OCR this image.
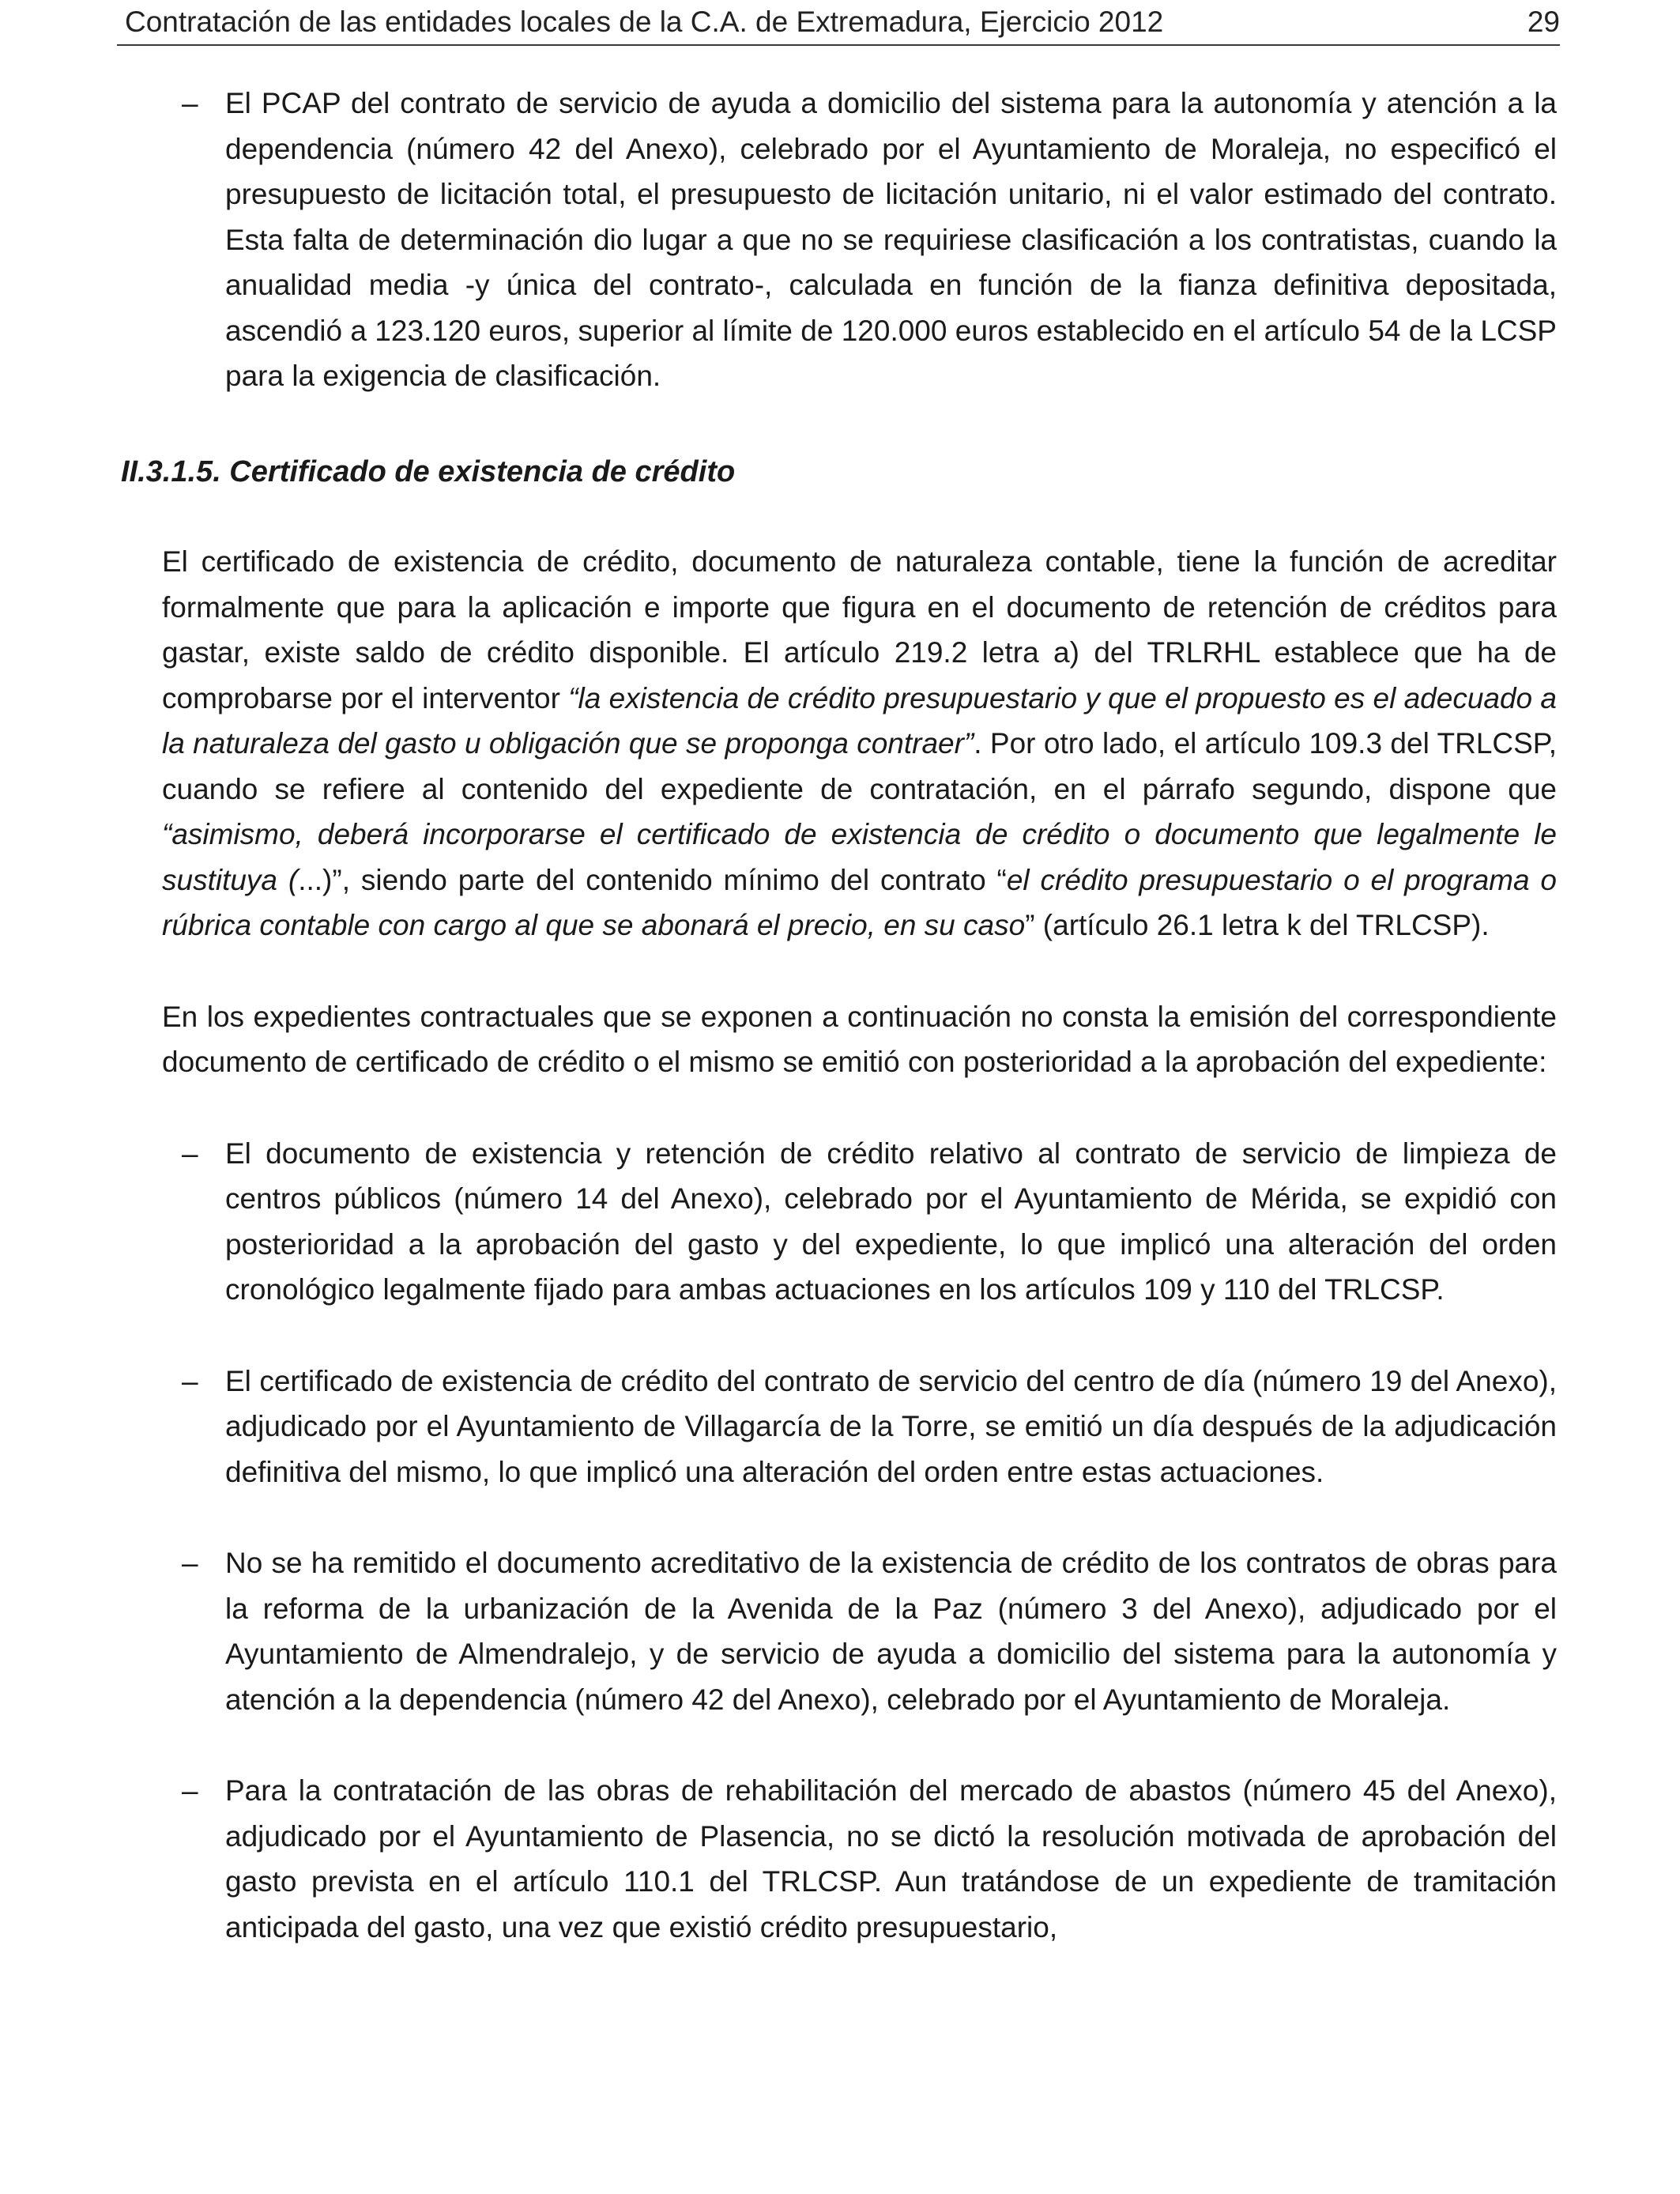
Contratación de las entidades locales de la C.A. de Extremadura, Ejercicio 2012	29

– El PCAP del contrato de servicio de ayuda a domicilio del sistema para la autonomía y atención a la dependencia (número 42 del Anexo), celebrado por el Ayuntamiento de Moraleja, no especificó el presupuesto de licitación total, el presupuesto de licitación unitario, ni el valor estimado del contrato. Esta falta de determinación dio lugar a que no se requiriese clasificación a los contratistas, cuando la anualidad media -y única del contrato-, calculada en función de la fianza definitiva depositada, ascendió a 123.120 euros, superior al límite de 120.000 euros establecido en el artículo 54 de la LCSP para la exigencia de clasificación.

II.3.1.5. Certificado de existencia de crédito

El certificado de existencia de crédito, documento de naturaleza contable, tiene la función de acreditar formalmente que para la aplicación e importe que figura en el documento de retención de créditos para gastar, existe saldo de crédito disponible. El artículo 219.2 letra a) del TRLRHL establece que ha de comprobarse por el interventor “la existencia de crédito presupuestario y que el propuesto es el adecuado a la naturaleza del gasto u obligación que se proponga contraer”. Por otro lado, el artículo 109.3 del TRLCSP, cuando se refiere al contenido del expediente de contratación, en el párrafo segundo, dispone que “asimismo, deberá incorporarse el certificado de existencia de crédito o documento que legalmente le sustituya (...)”, siendo parte del contenido mínimo del contrato “el crédito presupuestario o el programa o rúbrica contable con cargo al que se abonará el precio, en su caso” (artículo 26.1 letra k del TRLCSP).

En los expedientes contractuales que se exponen a continuación no consta la emisión del correspondiente documento de certificado de crédito o el mismo se emitió con posterioridad a la aprobación del expediente:

– El documento de existencia y retención de crédito relativo al contrato de servicio de limpieza de centros públicos (número 14 del Anexo), celebrado por el Ayuntamiento de Mérida, se expidió con posterioridad a la aprobación del gasto y del expediente, lo que implicó una alteración del orden cronológico legalmente fijado para ambas actuaciones en los artículos 109 y 110 del TRLCSP.

– El certificado de existencia de crédito del contrato de servicio del centro de día (número 19 del Anexo), adjudicado por el Ayuntamiento de Villagarcía de la Torre, se emitió un día después de la adjudicación definitiva del mismo, lo que implicó una alteración del orden entre estas actuaciones.

– No se ha remitido el documento acreditativo de la existencia de crédito de los contratos de obras para la reforma de la urbanización de la Avenida de la Paz (número 3 del Anexo), adjudicado por el Ayuntamiento de Almendralejo, y de servicio de ayuda a domicilio del sistema para la autonomía y atención a la dependencia (número 42 del Anexo), celebrado por el Ayuntamiento de Moraleja.

– Para la contratación de las obras de rehabilitación del mercado de abastos (número 45 del Anexo), adjudicado por el Ayuntamiento de Plasencia, no se dictó la resolución motivada de aprobación del gasto prevista en el artículo 110.1 del TRLCSP. Aun tratándose de un expediente de tramitación anticipada del gasto, una vez que existió crédito presupuestario,
